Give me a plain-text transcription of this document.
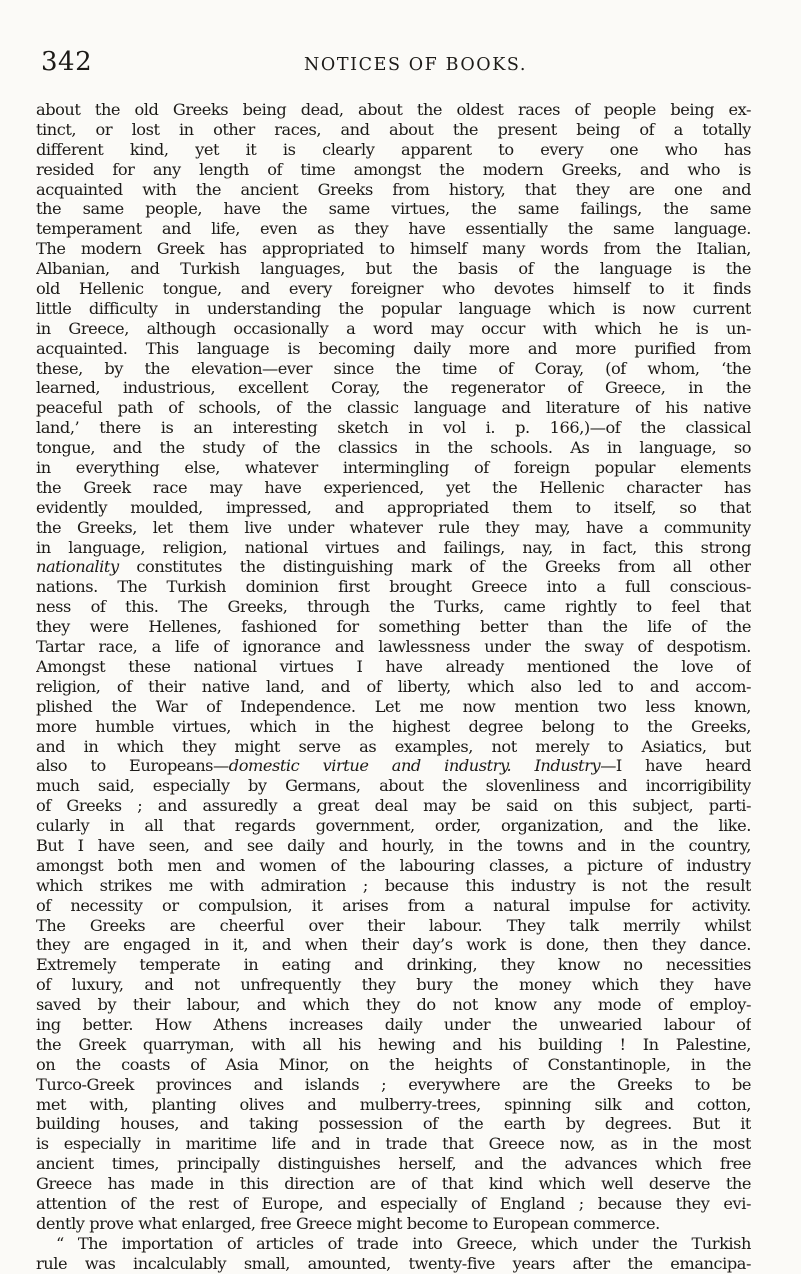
342	NOTICES OF BOOKS.
about the old Greeks being dead, about the oldest races of people being ex-
tinct, or lost in other races, and about the present being of a totally
different kind, yet it is clearly apparent to every one who has
resided for any length of time amongst the modern Greeks, and who is
acquainted with the ancient Greeks from history, that they are one and
the same people, have the same virtues, the same failings, the same
temperament and life, even as they have essentially the same language.
The modern Greek has appropriated to himself many words from the Italian,
Albanian, and Turkish languages, but the basis of the language is the
old Hellenic tongue, and every foreigner who devotes himself to it finds
little difficulty in understanding the popular language which is now current
in Greece, although occasionally a word may occur with which he is un-
acquainted. This language is becoming daily more and more purified from
these, by the elevation—ever since the time of Coray, (of whom, ‘the
learned, industrious, excellent Coray, the regenerator of Greece, in the
peaceful path of schools, of the classic language and literature of his native
land,’ there is an interesting sketch in vol i. p. 166,)—of the classical
tongue, and the study of the classics in the schools. As in language, so
in everything else, whatever intermingling of foreign popular elements
the Greek race may have experienced, yet the Hellenic character has
evidently moulded, impressed, and appropriated them to itself, so that
the Greeks, let them live under whatever rule they may, have a community
in language, religion, national virtues and failings, nay, in fact, this strong
nationality constitutes the distinguishing mark of the Greeks from all other
nations. The Turkish dominion first brought Greece into a full conscious-
ness of this. The Greeks, through the Turks, came rightly to feel that
they were Hellenes, fashioned for something better than the life of the
Tartar race, a life of ignorance and lawlessness under the sway of despotism.
Amongst these national virtues I have already mentioned the love of
religion, of their native land, and of liberty, which also led to and accom-
plished the War of Independence. Let me now mention two less known,
more humble virtues, which in the highest degree belong to the Greeks,
and in which they might serve as examples, not merely to Asiatics, but
also to Europeans—domestic virtue and industry. Industry—I have heard
much said, especially by Germans, about the slovenliness and incorrigibility
of Greeks ; and assuredly a great deal may be said on this subject, parti-
cularly in all that regards government, order, organization, and the like.
But I have seen, and see daily and hourly, in the towns and in the country,
amongst both men and women of the labouring classes, a picture of industry
which strikes me with admiration ; because this industry is not the result
of necessity or compulsion, it arises from a natural impulse for activity.
The Greeks are cheerful over their labour. They talk merrily whilst
they are engaged in it, and when their day’s work is done, then they dance.
Extremely temperate in eating and drinking, they know no necessities
of luxury, and not unfrequently they bury the money which they have
saved by their labour, and which they do not know any mode of employ-
ing better. How Athens increases daily under the unwearied labour of
the Greek quarryman, with all his hewing and his building ! In Palestine,
on the coasts of Asia Minor, on the heights of Constantinople, in the
Turco-Greek provinces and islands ; everywhere are the Greeks to be
met with, planting olives and mulberry-trees, spinning silk and cotton,
building houses, and taking possession of the earth by degrees. But it
is especially in maritime life and in trade that Greece now, as in the most
ancient times, principally distinguishes herself, and the advances which free
Greece has made in this direction are of that kind which well deserve the
attention of the rest of Europe, and especially of England ; because they evi-
dently prove what enlarged, free Greece might become to European commerce.
“ The importation of articles of trade into Greece, which under the Turkish
rule was incalculably small, amounted, twenty-five years after the emancipa-
